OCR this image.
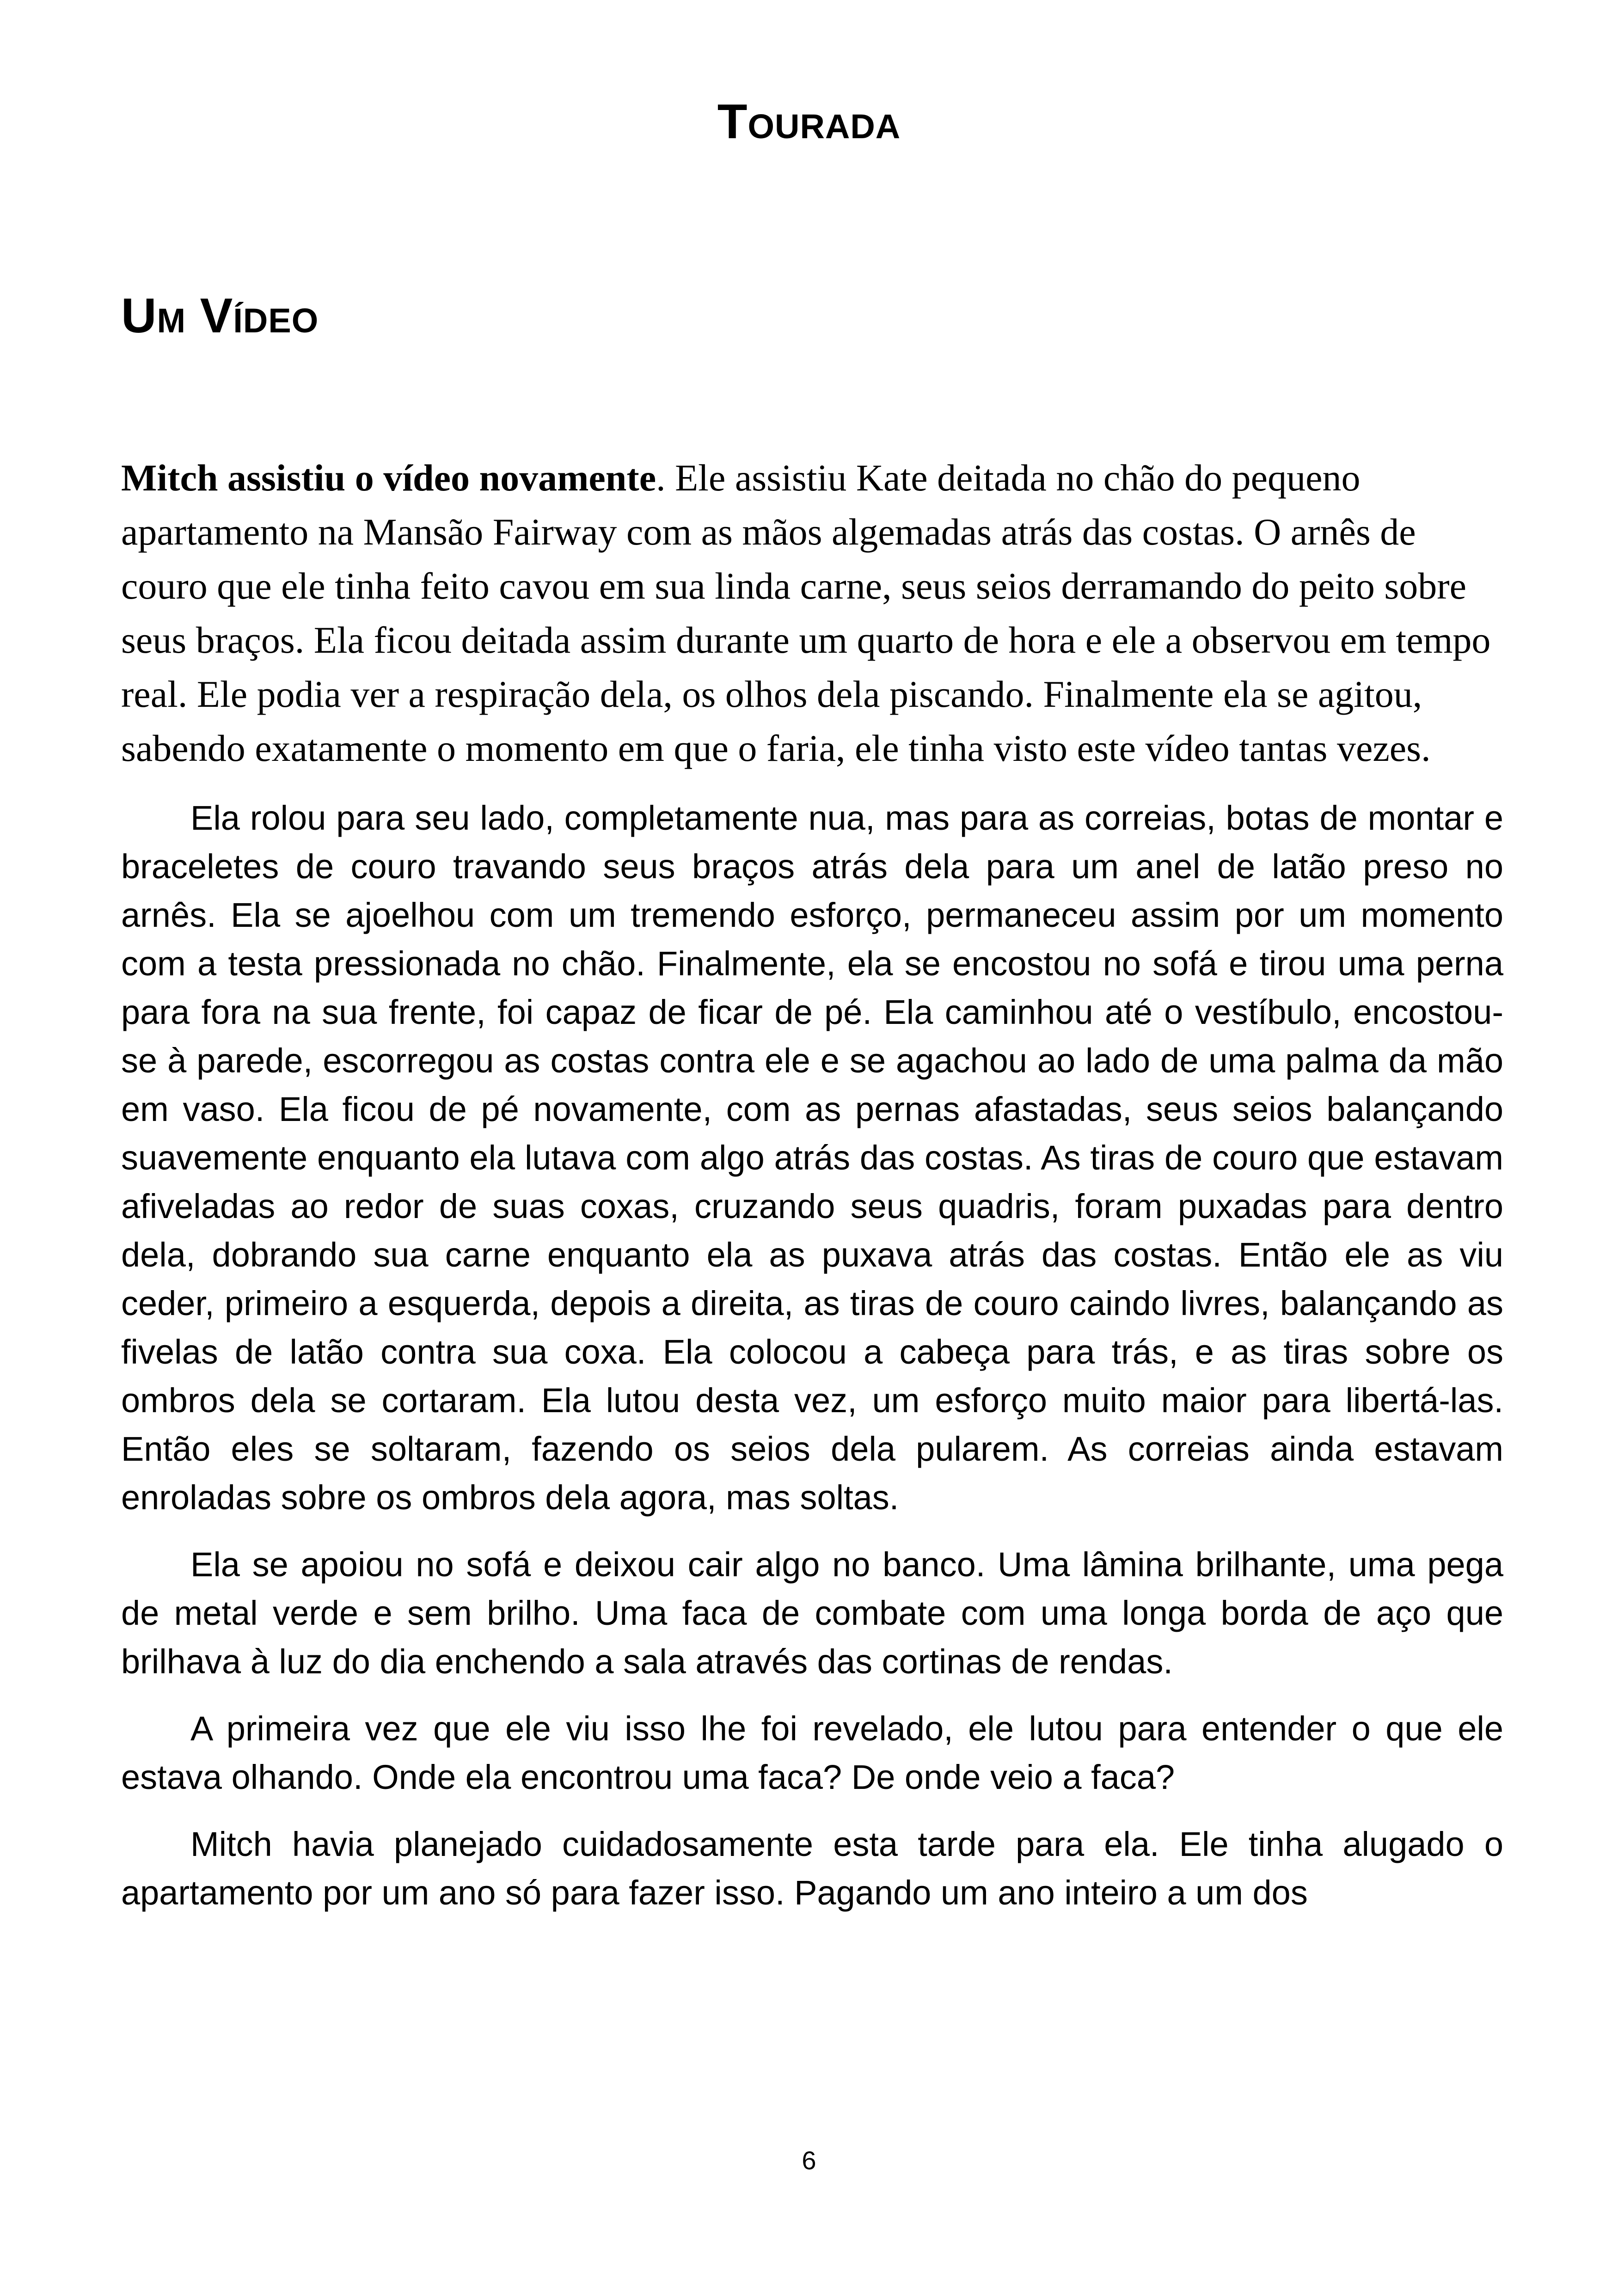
Tourada
Um Vídeo

Mitch assistiu o vídeo novamente. Ele assistiu Kate deitada no chão do pequeno apartamento na Mansão Fairway com as mãos algemadas atrás das costas. O arnês de couro que ele tinha feito cavou em sua linda carne, seus seios derramando do peito sobre seus braços. Ela ficou deitada assim durante um quarto de hora e ele a observou em tempo real. Ele podia ver a respiração dela, os olhos dela piscando. Finalmente ela se agitou, sabendo exatamente o momento em que o faria, ele tinha visto este vídeo tantas vezes.

Ela rolou para seu lado, completamente nua, mas para as correias, botas de montar e braceletes de couro travando seus braços atrás dela para um anel de latão preso no arnês. Ela se ajoelhou com um tremendo esforço, permaneceu assim por um momento com a testa pressionada no chão. Finalmente, ela se encostou no sofá e tirou uma perna para fora na sua frente, foi capaz de ficar de pé. Ela caminhou até o vestíbulo, encostou-se à parede, escorregou as costas contra ele e se agachou ao lado de uma palma da mão em vaso. Ela ficou de pé novamente, com as pernas afastadas, seus seios balançando suavemente enquanto ela lutava com algo atrás das costas. As tiras de couro que estavam afiveladas ao redor de suas coxas, cruzando seus quadris, foram puxadas para dentro dela, dobrando sua carne enquanto ela as puxava atrás das costas. Então ele as viu ceder, primeiro a esquerda, depois a direita, as tiras de couro caindo livres, balançando as fivelas de latão contra sua coxa. Ela colocou a cabeça para trás, e as tiras sobre os ombros dela se cortaram. Ela lutou desta vez, um esforço muito maior para libertá-las. Então eles se soltaram, fazendo os seios dela pularem. As correias ainda estavam enroladas sobre os ombros dela agora, mas soltas.

Ela se apoiou no sofá e deixou cair algo no banco. Uma lâmina brilhante, uma pega de metal verde e sem brilho. Uma faca de combate com uma longa borda de aço que brilhava à luz do dia enchendo a sala através das cortinas de rendas.

A primeira vez que ele viu isso lhe foi revelado, ele lutou para entender o que ele estava olhando. Onde ela encontrou uma faca? De onde veio a faca?

Mitch havia planejado cuidadosamente esta tarde para ela. Ele tinha alugado o apartamento por um ano só para fazer isso. Pagando um ano inteiro a um dos

6
